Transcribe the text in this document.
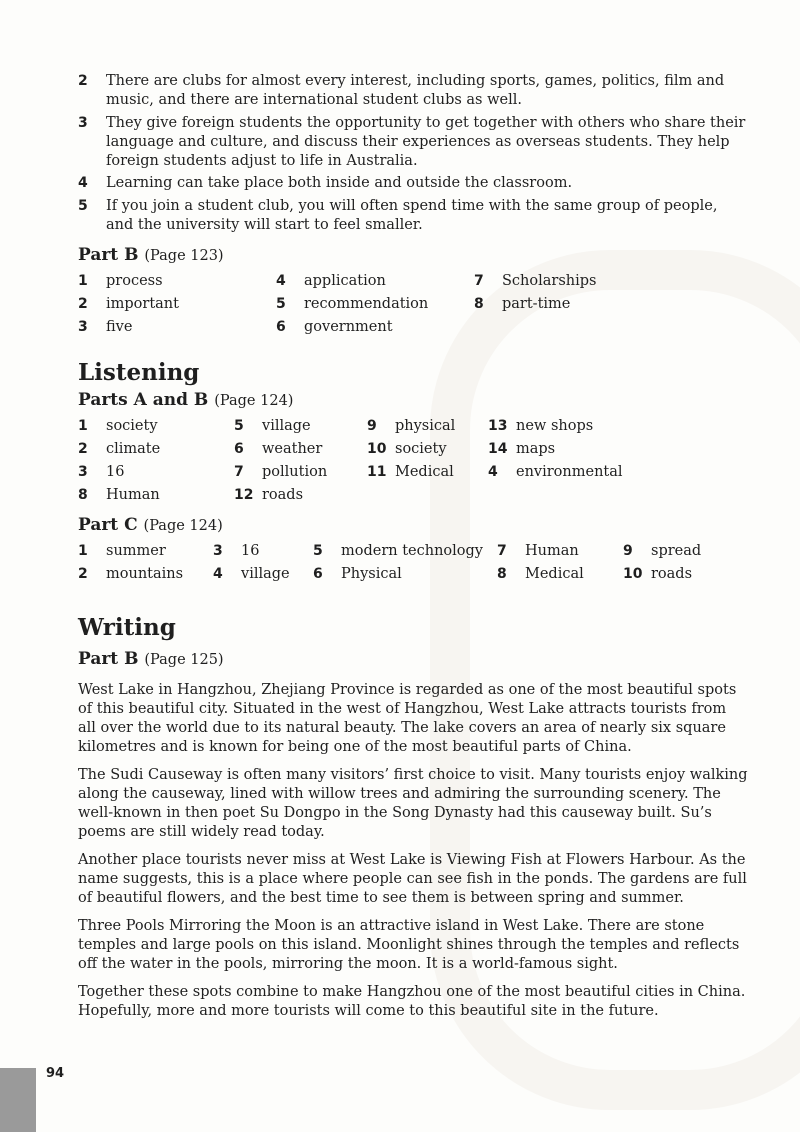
2	There are clubs for almost every interest, including sports, games, politics, film and music, and there are international student clubs as well.
3	They give foreign students the opportunity to get together with others who share their language and culture, and discuss their experiences as overseas students. They help foreign students adjust to life in Australia.
4	Learning can take place both inside and outside the classroom.
5	If you join a student club, you will often spend time with the same group of people, and the university will start to feel smaller.
Part B (Page 123)
1	process	4	application	7	Scholarships
2	important	5	recommendation	8	part-time
3	five	6	government
Listening
Parts A and B (Page 124)
1	society	5	village	9	physical 13 new shops
2	climate	6	weather	10 society	14 maps
3	16	7	pollution	11 Medical 4	environmental
8	Human	12 roads
Part C (Page 124)
1	summer	3	16	5	modern technology 7	Human	9	spread
2	mountains 4	village 6	Physical	8	Medical	10 roads
Writing
Part B (Page 125)

West Lake in Hangzhou, Zhejiang Province is regarded as one of the most beautiful spots of this beautiful city. Situated in the west of Hangzhou, West Lake attracts tourists from all over the world due to its natural beauty. The lake covers an area of nearly six square kilometres and is known for being one of the most beautiful parts of China.

The Sudi Causeway is often many visitors’ first choice to visit. Many tourists enjoy walking along the causeway, lined with willow trees and admiring the surrounding scenery. The well-known in then poet Su Dongpo in the Song Dynasty had this causeway built. Su’s poems are still widely read today.

Another place tourists never miss at West Lake is Viewing Fish at Flowers Harbour. As the name suggests, this is a place where people can see fish in the ponds. The gardens are full of beautiful flowers, and the best time to see them is between spring and summer.

Three Pools Mirroring the Moon is an attractive island in West Lake. There are stone temples and large pools on this island. Moonlight shines through the temples and reflects off the water in the pools, mirroring the moon. It is a world-famous sight.

Together these spots combine to make Hangzhou one of the most beautiful cities in China. Hopefully, more and more tourists will come to this beautiful site in the future.

94
